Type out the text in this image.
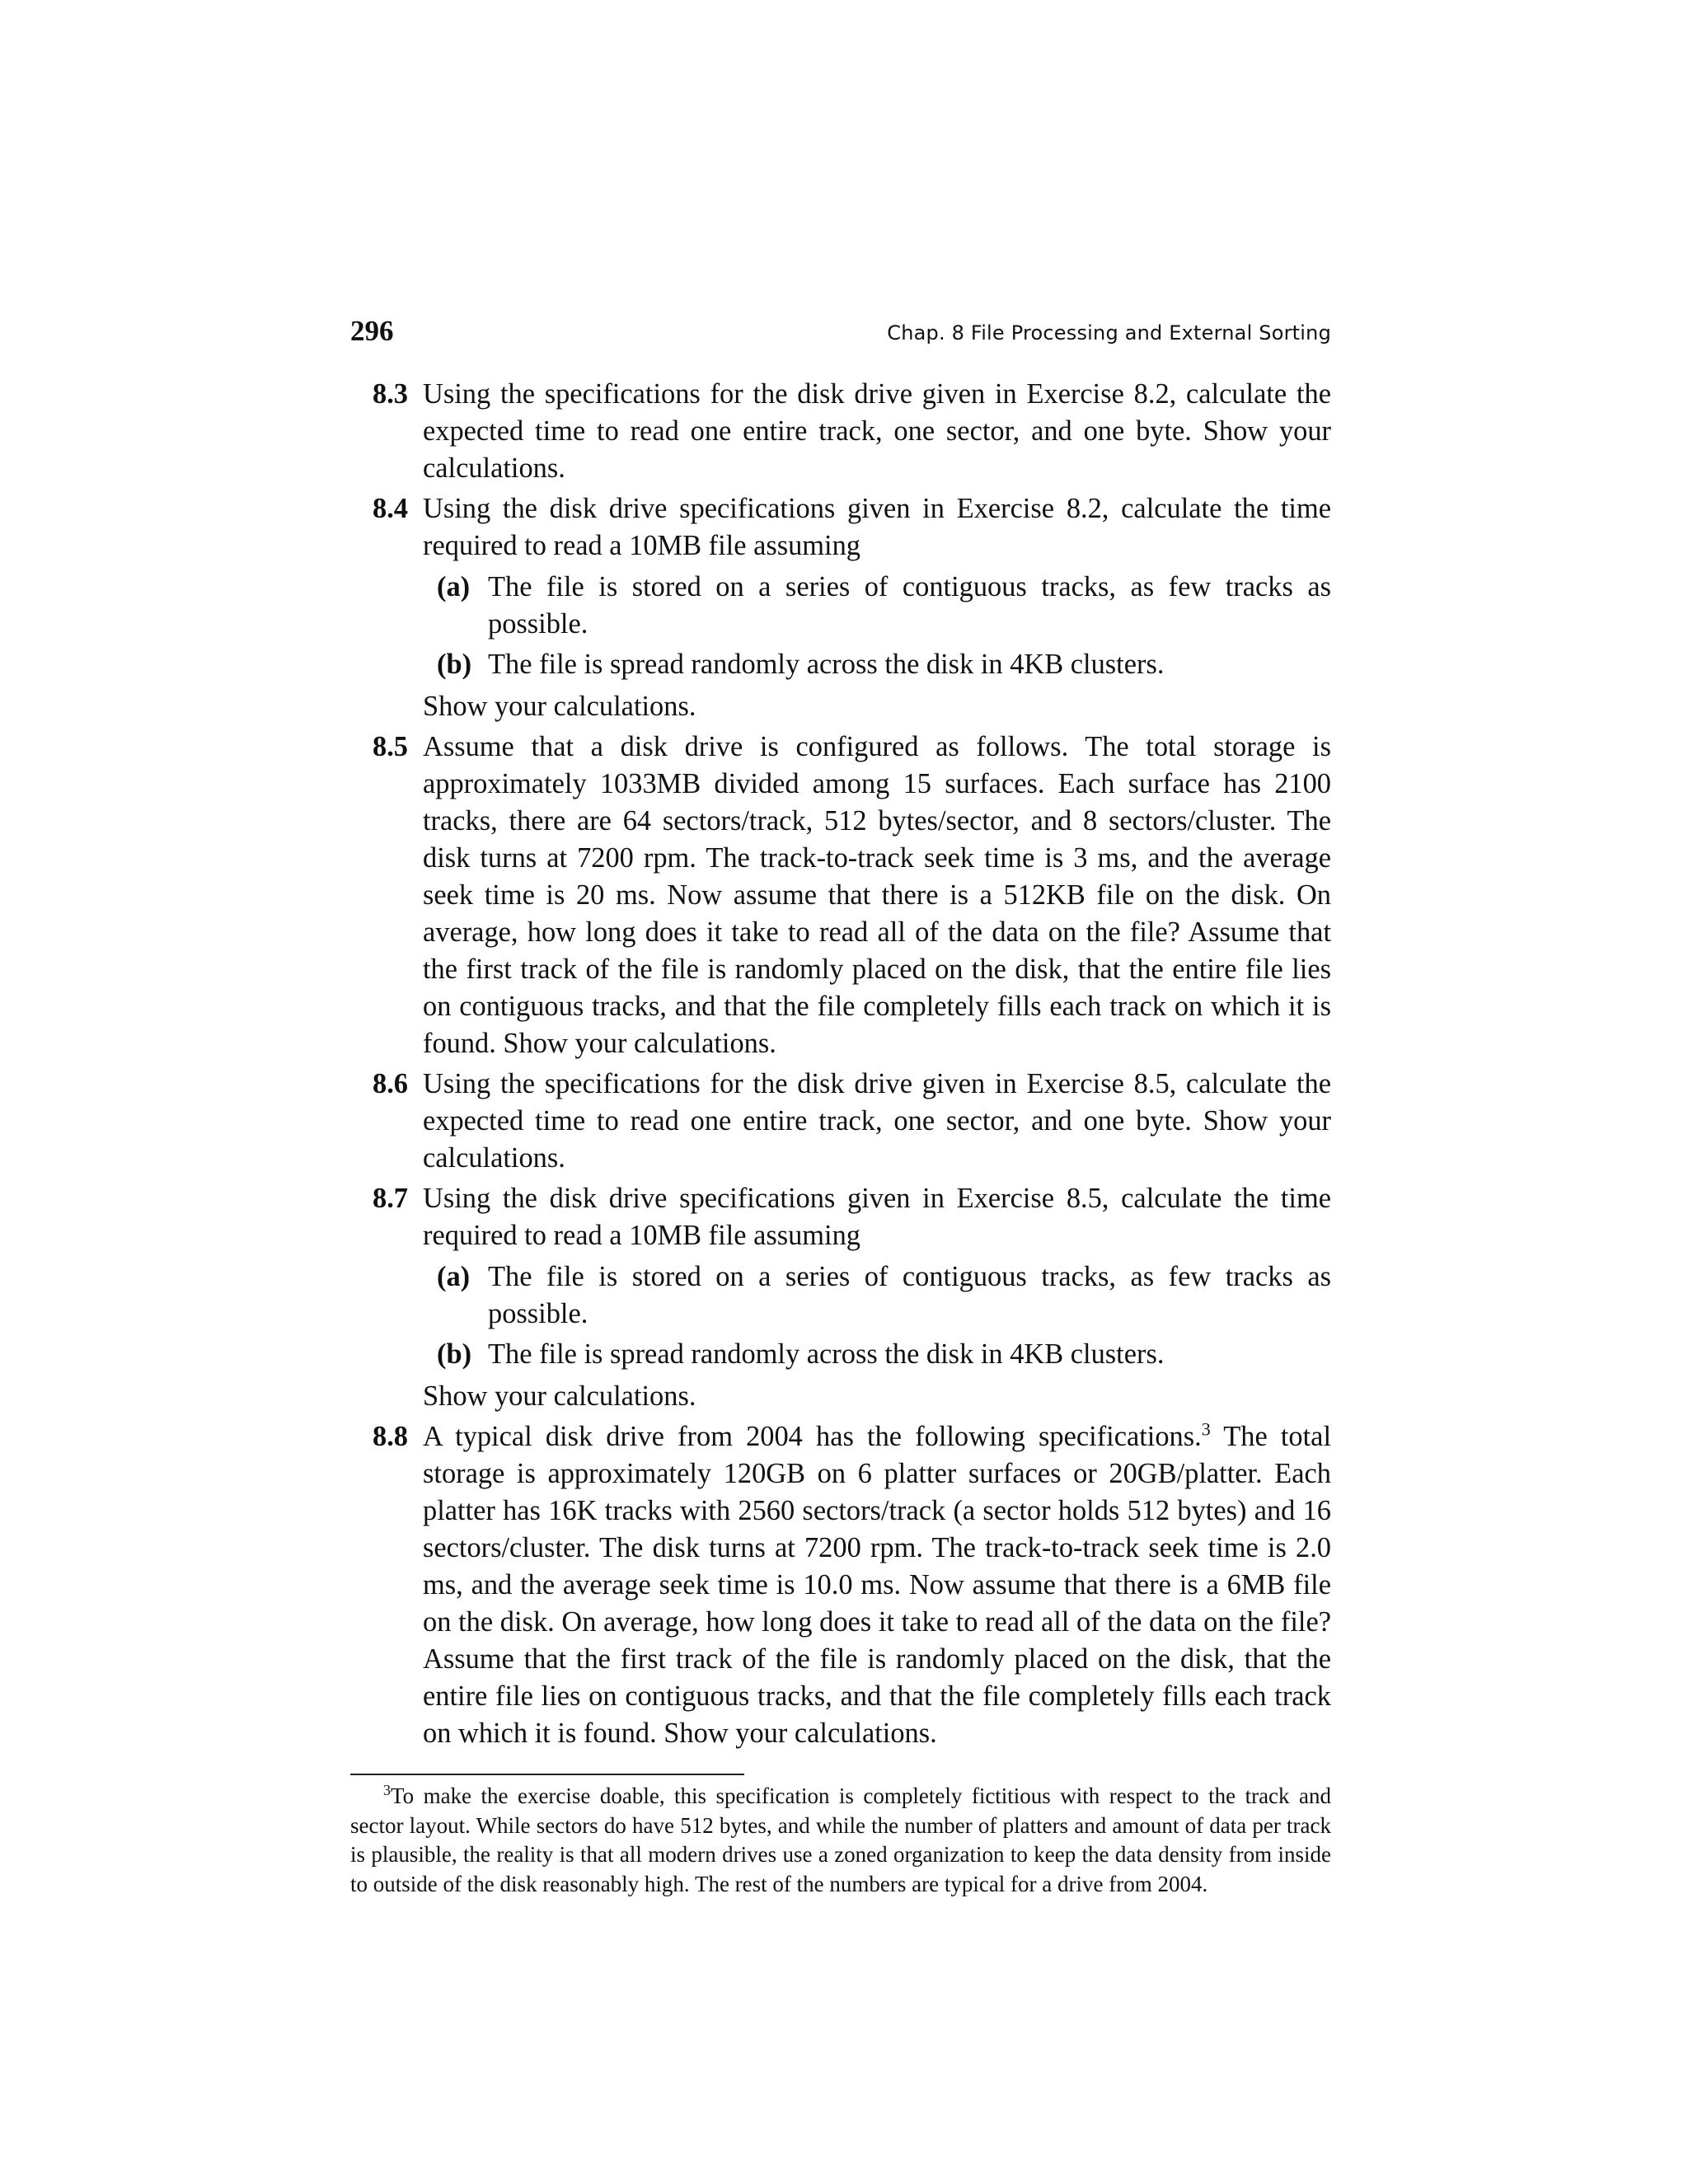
296	Chap. 8 File Processing and External Sorting
8.3 Using the specifications for the disk drive given in Exercise 8.2, calculate the expected time to read one entire track, one sector, and one byte. Show your calculations.

8.4 Using the disk drive specifications given in Exercise 8.2, calculate the time required to read a 10MB file assuming

(a) The file is stored on a series of contiguous tracks, as few tracks as possible.
(b) The file is spread randomly across the disk in 4KB clusters.

Show your calculations.

8.5 Assume that a disk drive is configured as follows. The total storage is approximately 1033MB divided among 15 surfaces. Each surface has 2100 tracks, there are 64 sectors/track, 512 bytes/sector, and 8 sectors/cluster. The disk turns at 7200 rpm. The track-to-track seek time is 3 ms, and the average seek time is 20 ms. Now assume that there is a 512KB file on the disk. On average, how long does it take to read all of the data on the file? Assume that the first track of the file is randomly placed on the disk, that the entire file lies on contiguous tracks, and that the file completely fills each track on which it is found. Show your calculations.

8.6 Using the specifications for the disk drive given in Exercise 8.5, calculate the expected time to read one entire track, one sector, and one byte. Show your calculations.

8.7 Using the disk drive specifications given in Exercise 8.5, calculate the time required to read a 10MB file assuming

(a) The file is stored on a series of contiguous tracks, as few tracks as possible.
(b) The file is spread randomly across the disk in 4KB clusters.

Show your calculations.

8.8 A typical disk drive from 2004 has the following specifications.$^3$ The total storage is approximately 120GB on 6 platter surfaces or 20GB/platter. Each platter has 16K tracks with 2560 sectors/track (a sector holds 512 bytes) and 16 sectors/cluster. The disk turns at 7200 rpm. The track-to-track seek time is 2.0 ms, and the average seek time is 10.0 ms. Now assume that there is a 6MB file on the disk. On average, how long does it take to read all of the data on the file? Assume that the first track of the file is randomly placed on the disk, that the entire file lies on contiguous tracks, and that the file completely fills each track on which it is found. Show your calculations.

$^3$To make the exercise doable, this specification is completely fictitious with respect to the track and sector layout. While sectors do have 512 bytes, and while the number of platters and amount of data per track is plausible, the reality is that all modern drives use a zoned organization to keep the data density from inside to outside of the disk reasonably high. The rest of the numbers are typical for a drive from 2004.
